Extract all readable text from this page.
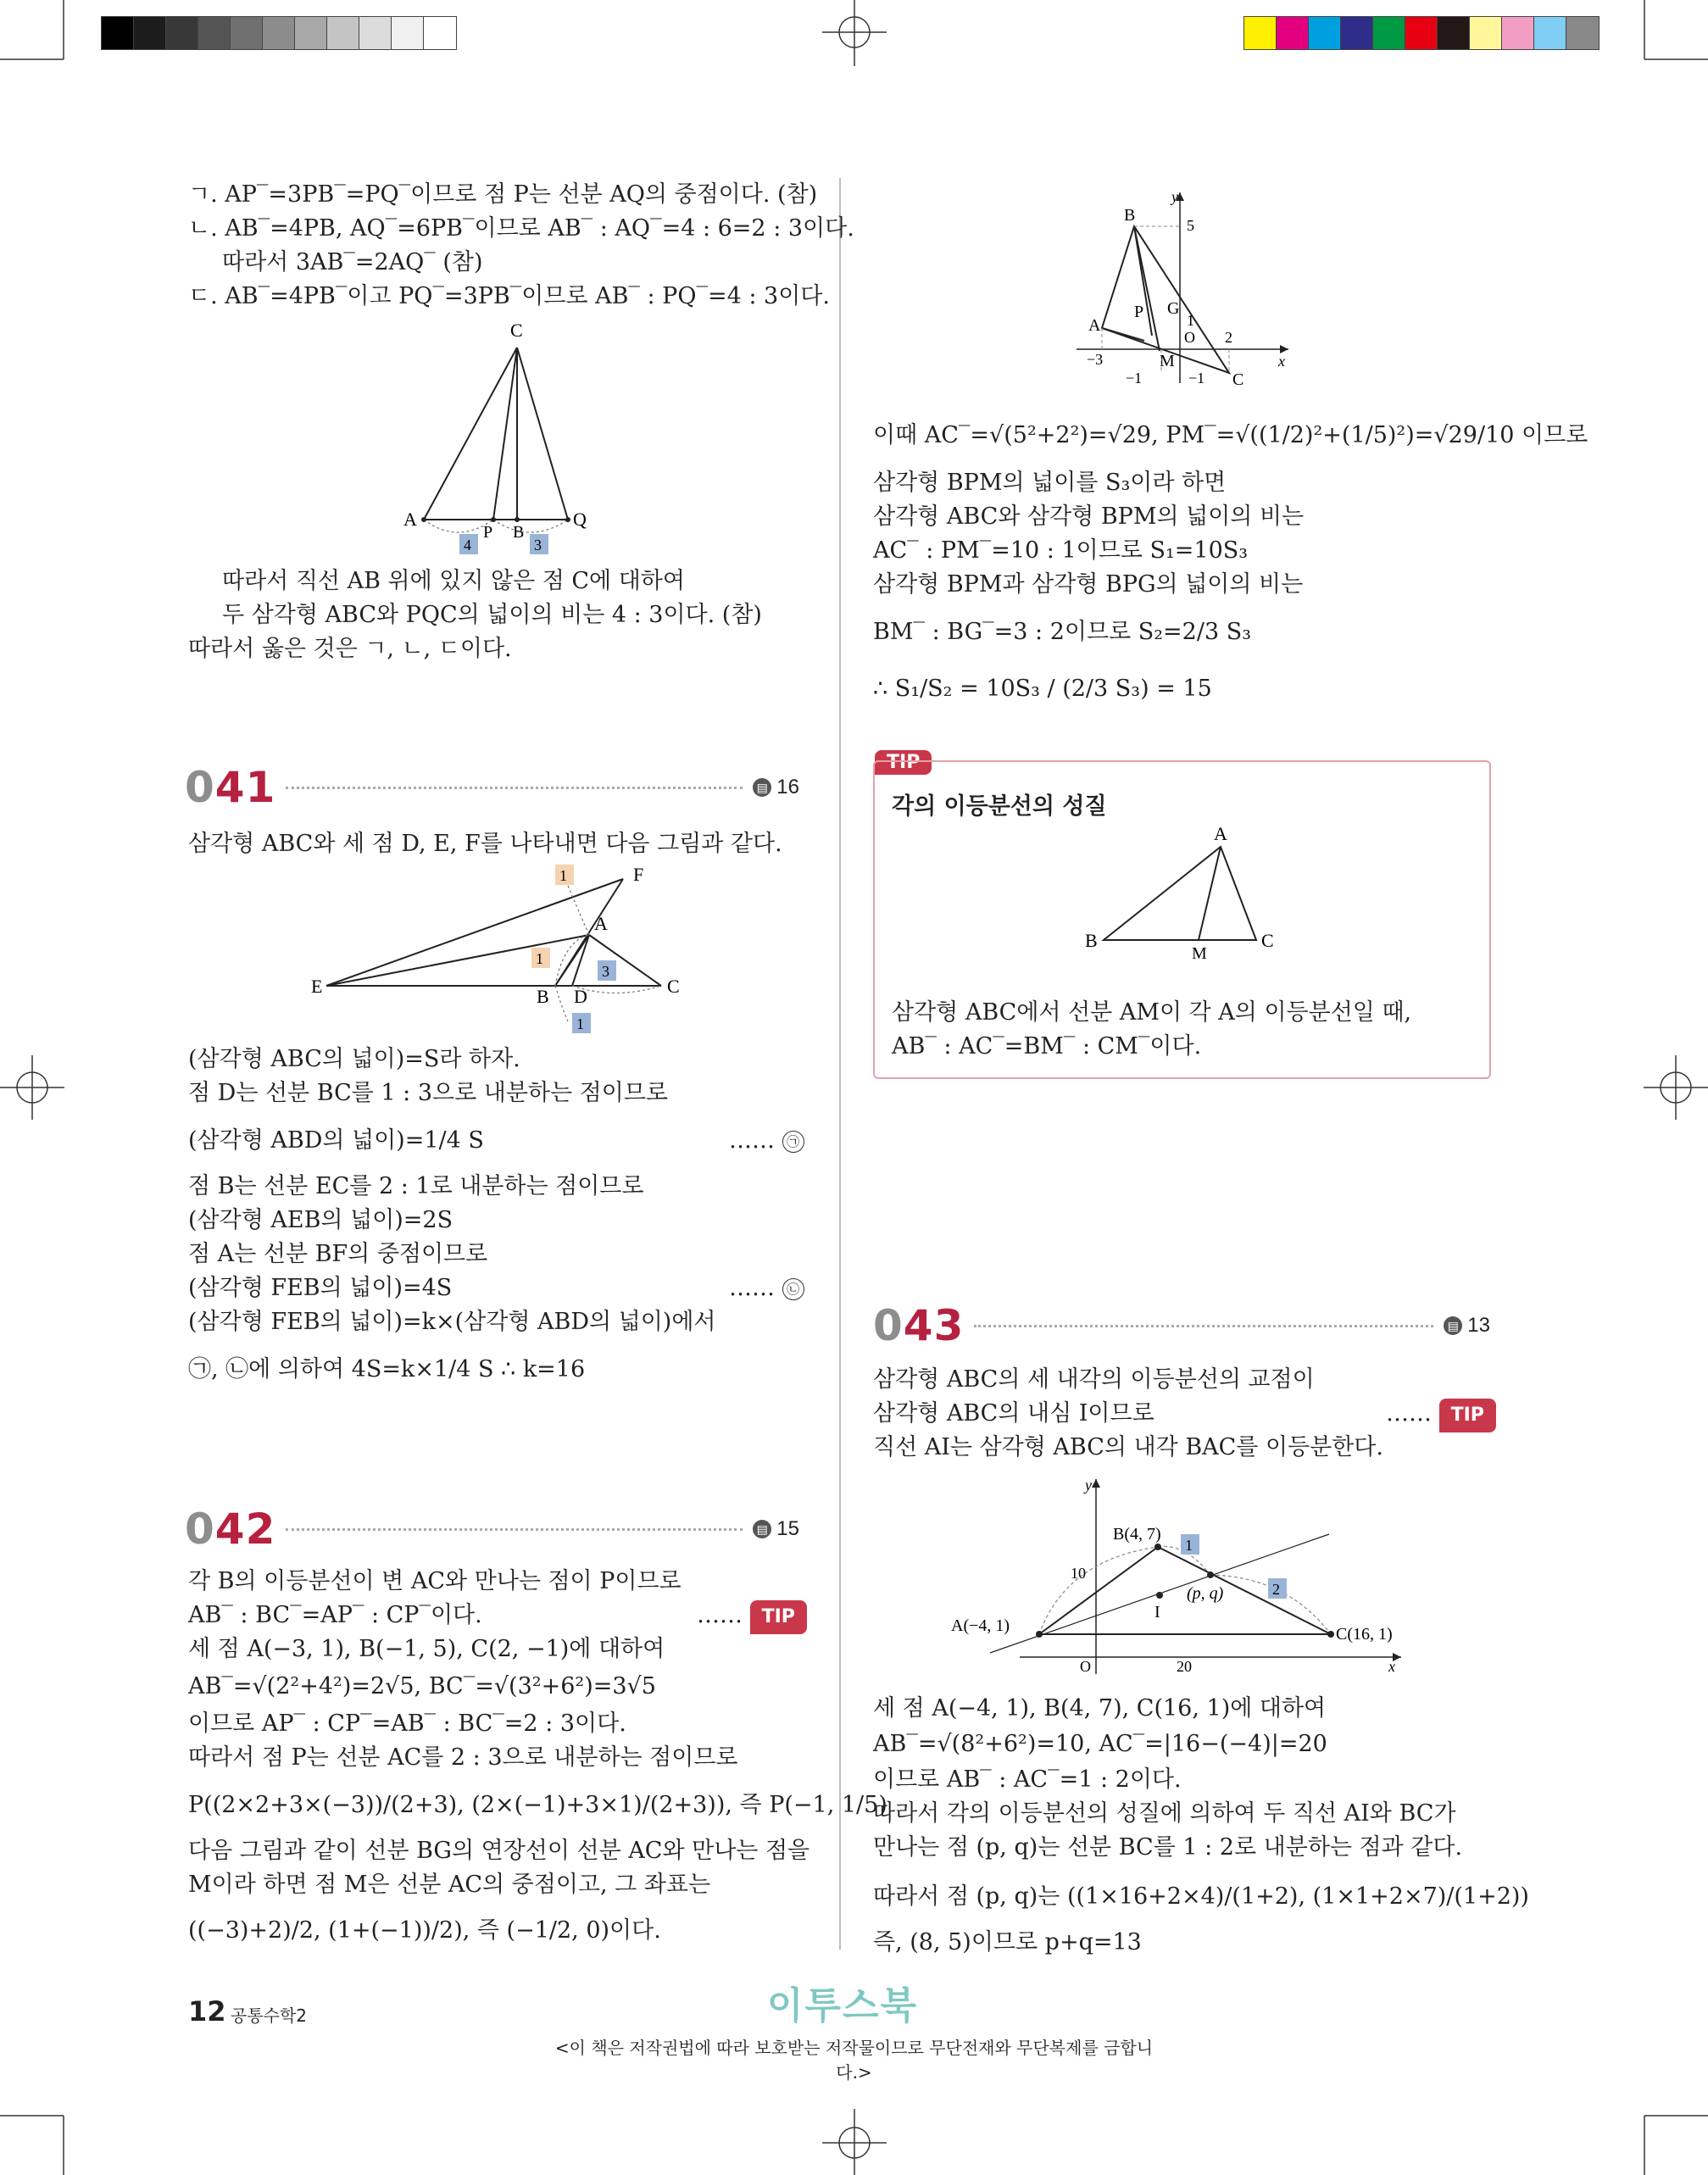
ㄱ. AP‾=3PB‾=PQ‾이므로 점 P는 선분 AQ의 중점이다. (참)
ㄴ. AB‾=4PB, AQ‾=6PB‾이므로 AB‾ : AQ‾=4 : 6=2 : 3이다.
따라서 3AB‾=2AQ‾ (참)
ㄷ. AB‾=4PB‾이고 PQ‾=3PB‾이므로 AB‾ : PQ‾=4 : 3이다.
C
A
P B
Q
4	3
따라서 직선 AB 위에 있지 않은 점 C에 대하여
두 삼각형 ABC와 PQC의 넓이의 비는 4 : 3이다. (참)
따라서 옳은 것은 ㄱ, ㄴ, ㄷ이다.
041	▤ 16
삼각형 ABC와 세 점 D, E, F를 나타내면 다음 그림과 같다.
F
A
E	B D	C
1
1
3
1
(삼각형 ABC의 넓이)=S라 하자.
점 D는 선분 BC를 1 : 3으로 내분하는 점이므로
(삼각형 ABD의 넓이)=1/4 S	…… ㉠
점 B는 선분 EC를 2 : 1로 내분하는 점이므로
(삼각형 AEB의 넓이)=2S
점 A는 선분 BF의 중점이므로
(삼각형 FEB의 넓이)=4S	…… ㉡
(삼각형 FEB의 넓이)=k×(삼각형 ABD의 넓이)에서
㉠, ㉡에 의하여 4S=k×1/4 S ∴ k=16
042	▤ 15
각 B의 이등분선이 변 AC와 만나는 점이 P이므로
AB‾ : BC‾=AP‾ : CP‾이다.	…… TIP
세 점 A(−3, 1), B(−1, 5), C(2, −1)에 대하여
AB‾=√(2²+4²)=2√5, BC‾=√(3²+6²)=3√5
이므로 AP‾ : CP‾=AB‾ : BC‾=2 : 3이다.
따라서 점 P는 선분 AC를 2 : 3으로 내분하는 점이므로
P((2×2+3×(−3))/(2+3), (2×(−1)+3×1)/(2+3)), 즉 P(−1, 1/5)
다음 그림과 같이 선분 BG의 연장선이 선분 AC와 만나는 점을
M이라 하면 점 M은 선분 AC의 중점이고, 그 좌표는
((−3)+2)/2, (1+(−1))/2), 즉 (−1/2, 0)이다.
y
B
5
A
P G
1
O 2
x
−3	M
−1	−1 C
이때 AC‾=√(5²+2²)=√29, PM‾=√((1/2)²+(1/5)²)=√29/10 이므로
삼각형 BPM의 넓이를 S₃이라 하면
삼각형 ABC와 삼각형 BPM의 넓이의 비는
AC‾ : PM‾=10 : 1이므로 S₁=10S₃
삼각형 BPM과 삼각형 BPG의 넓이의 비는
BM‾ : BG‾=3 : 2이므로 S₂=2/3 S₃
∴ S₁/S₂ = 10S₃ / (2/3 S₃) = 15
TIP
각의 이등분선의 성질
A
B
M
C
삼각형 ABC에서 선분 AM이 각 A의 이등분선일 때,
AB‾ : AC‾=BM‾ : CM‾이다.
043	▤ 13
삼각형 ABC의 세 내각의 이등분선의 교점이
삼각형 ABC의 내심 I이므로	…… TIP
직선 AI는 삼각형 ABC의 내각 BAC를 이등분한다.
y
B(4, 7)
1
10
(p, q)	2
I
A(−4, 1)	C(16, 1)
O	20	x
세 점 A(−4, 1), B(4, 7), C(16, 1)에 대하여
AB‾=√(8²+6²)=10, AC‾=|16−(−4)|=20
이므로 AB‾ : AC‾=1 : 2이다.
따라서 각의 이등분선의 성질에 의하여 두 직선 AI와 BC가
만나는 점 (p, q)는 선분 BC를 1 : 2로 내분하는 점과 같다.
따라서 점 (p, q)는 ((1×16+2×4)/(1+2), (1×1+2×7)/(1+2))
즉, (8, 5)이므로 p+q=13
12 공통수학2	이투스북
<이 책은 저작권법에 따라 보호받는 저작물이므로 무단전재와 무단복제를 금합니다.>
